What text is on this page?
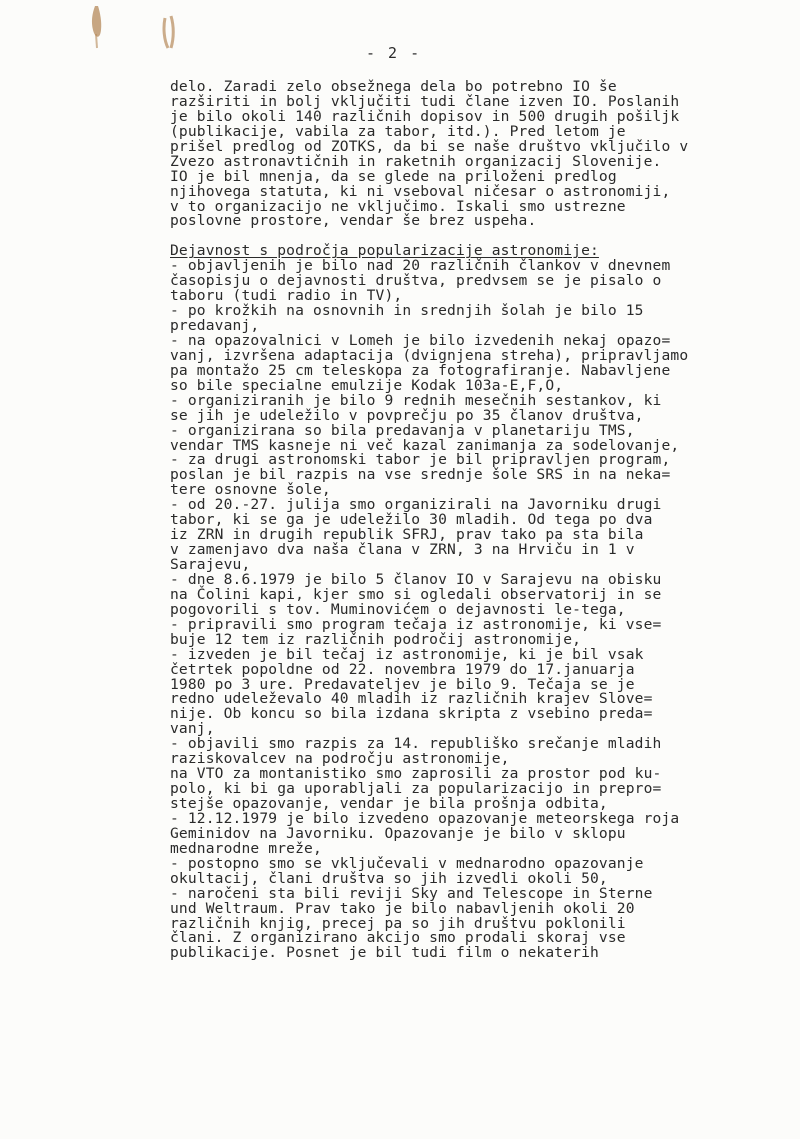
- 2 -
delo. Zaradi zelo obsežnega dela bo potrebno IO še
razširiti in bolj vključiti tudi člane izven IO. Poslanih
je bilo okoli 140 različnih dopisov in 500 drugih pošiljk
(publikacije, vabila za tabor, itd.). Pred letom je
prišel predlog od ZOTKS, da bi se naše društvo vključilo v
Zvezo astronavtičnih in raketnih organizacij Slovenije.
IO je bil mnenja, da se glede na priloženi predlog
njihovega statuta, ki ni vseboval ničesar o astronomiji,
v to organizacijo ne vključimo. Iskali smo ustrezne
poslovne prostore, vendar še brez uspeha.
Dejavnost s področja popularizacije astronomije:
- objavljenih je bilo nad 20 različnih člankov v dnevnem
časopisju o dejavnosti društva, predvsem se je pisalo o
taboru (tudi radio in TV),
- po krožkih na osnovnih in srednjih šolah je bilo 15
predavanj,
- na opazovalnici v Lomeh je bilo izvedenih nekaj opazo=
vanj, izvršena adaptacija (dvignjena streha), pripravljamo
pa montažo 25 cm teleskopa za fotografiranje. Nabavljene
so bile specialne emulzije Kodak 103a-E,F,O,
- organiziranih je bilo 9 rednih mesečnih sestankov, ki
se jih je udeležilo v povprečju po 35 članov društva,
- organizirana so bila predavanja v planetariju TMS,
vendar TMS kasneje ni več kazal zanimanja za sodelovanje,
- za drugi astronomski tabor je bil pripravljen program,
poslan je bil razpis na vse srednje šole SRS in na neka=
tere osnovne šole,
- od 20.-27. julija smo organizirali na Javorniku drugi
tabor, ki se ga je udeležilo 30 mladih. Od tega po dva
iz ZRN in drugih republik SFRJ, prav tako pa sta bila
v zamenjavo dva naša člana v ZRN, 3 na Hrviču in 1 v
Sarajevu,
- dne 8.6.1979 je bilo 5 članov IO v Sarajevu na obisku
na Čolini kapi, kjer smo si ogledali observatorij in se
pogovorili s tov. Muminovićem o dejavnosti le-tega,
- pripravili smo program tečaja iz astronomije, ki vse=
buje 12 tem iz različnih področij astronomije,
- izveden je bil tečaj iz astronomije, ki je bil vsak
četrtek popoldne od 22. novembra 1979 do 17.januarja
1980 po 3 ure. Predavateljev je bilo 9. Tečaja se je
redno udeleževalo 40 mladih iz različnih krajev Slove=
nije. Ob koncu so bila izdana skripta z vsebino preda=
vanj,
- objavili smo razpis za 14. republiško srečanje mladih
raziskovalcev na področju astronomije,
na VTO za montanistiko smo zaprosili za prostor pod ku-
polo, ki bi ga uporabljali za popularizacijo in prepro=
stejše opazovanje, vendar je bila prošnja odbita,
- 12.12.1979 je bilo izvedeno opazovanje meteorskega roja
Geminidov na Javorniku. Opazovanje je bilo v sklopu
mednarodne mreže,
- postopno smo se vključevali v mednarodno opazovanje
okultacij, člani društva so jih izvedli okoli 50,
- naročeni sta bili reviji Sky and Telescope in Sterne
und Weltraum. Prav tako je bilo nabavljenih okoli 20
različnih knjig, precej pa so jih društvu poklonili
člani. Z organizirano akcijo smo prodali skoraj vse
publikacije. Posnet je bil tudi film o nekaterih
